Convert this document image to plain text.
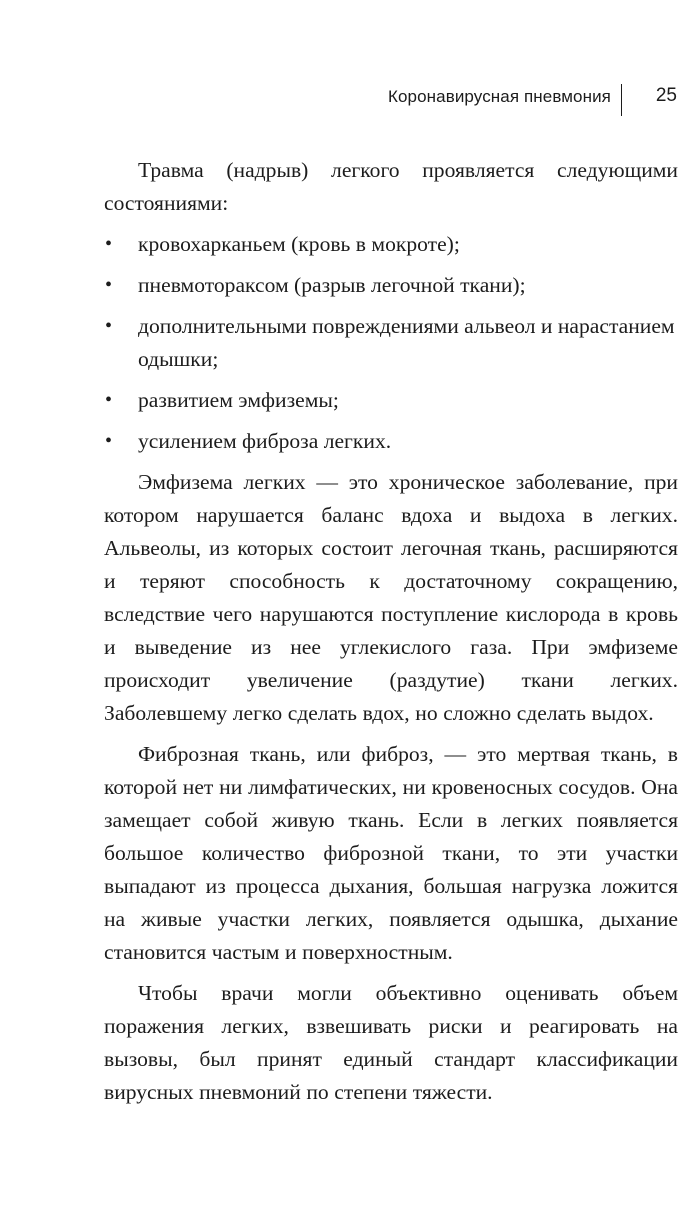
Коронавирусная пневмония 25

Травма (надрыв) легкого проявляется следующими состояниями:

• кровохарканьем (кровь в мокроте);
• пневмотораксом (разрыв легочной ткани);
• дополнительными повреждениями альвеол и нарастанием одышки;
• развитием эмфиземы;
• усилением фиброза легких.

Эмфизема легких — это хроническое заболевание, при котором нарушается баланс вдоха и выдоха в легких. Альвеолы, из которых состоит легочная ткань, расширяются и теряют способность к достаточному сокращению, вследствие чего нарушаются поступление кислорода в кровь и выведение из нее углекислого газа. При эмфиземе происходит увеличение (раздутие) ткани легких. Заболевшему легко сделать вдох, но сложно сделать выдох.

Фиброзная ткань, или фиброз, — это мертвая ткань, в которой нет ни лимфатических, ни кровеносных сосудов. Она замещает собой живую ткань. Если в легких появляется большое количество фиброзной ткани, то эти участки выпадают из процесса дыхания, большая нагрузка ложится на живые участки легких, появляется одышка, дыхание становится частым и поверхностным.

Чтобы врачи могли объективно оценивать объем поражения легких, взвешивать риски и реагировать на вызовы, был принят единый стандарт классификации вирусных пневмоний по степени тяжести.
